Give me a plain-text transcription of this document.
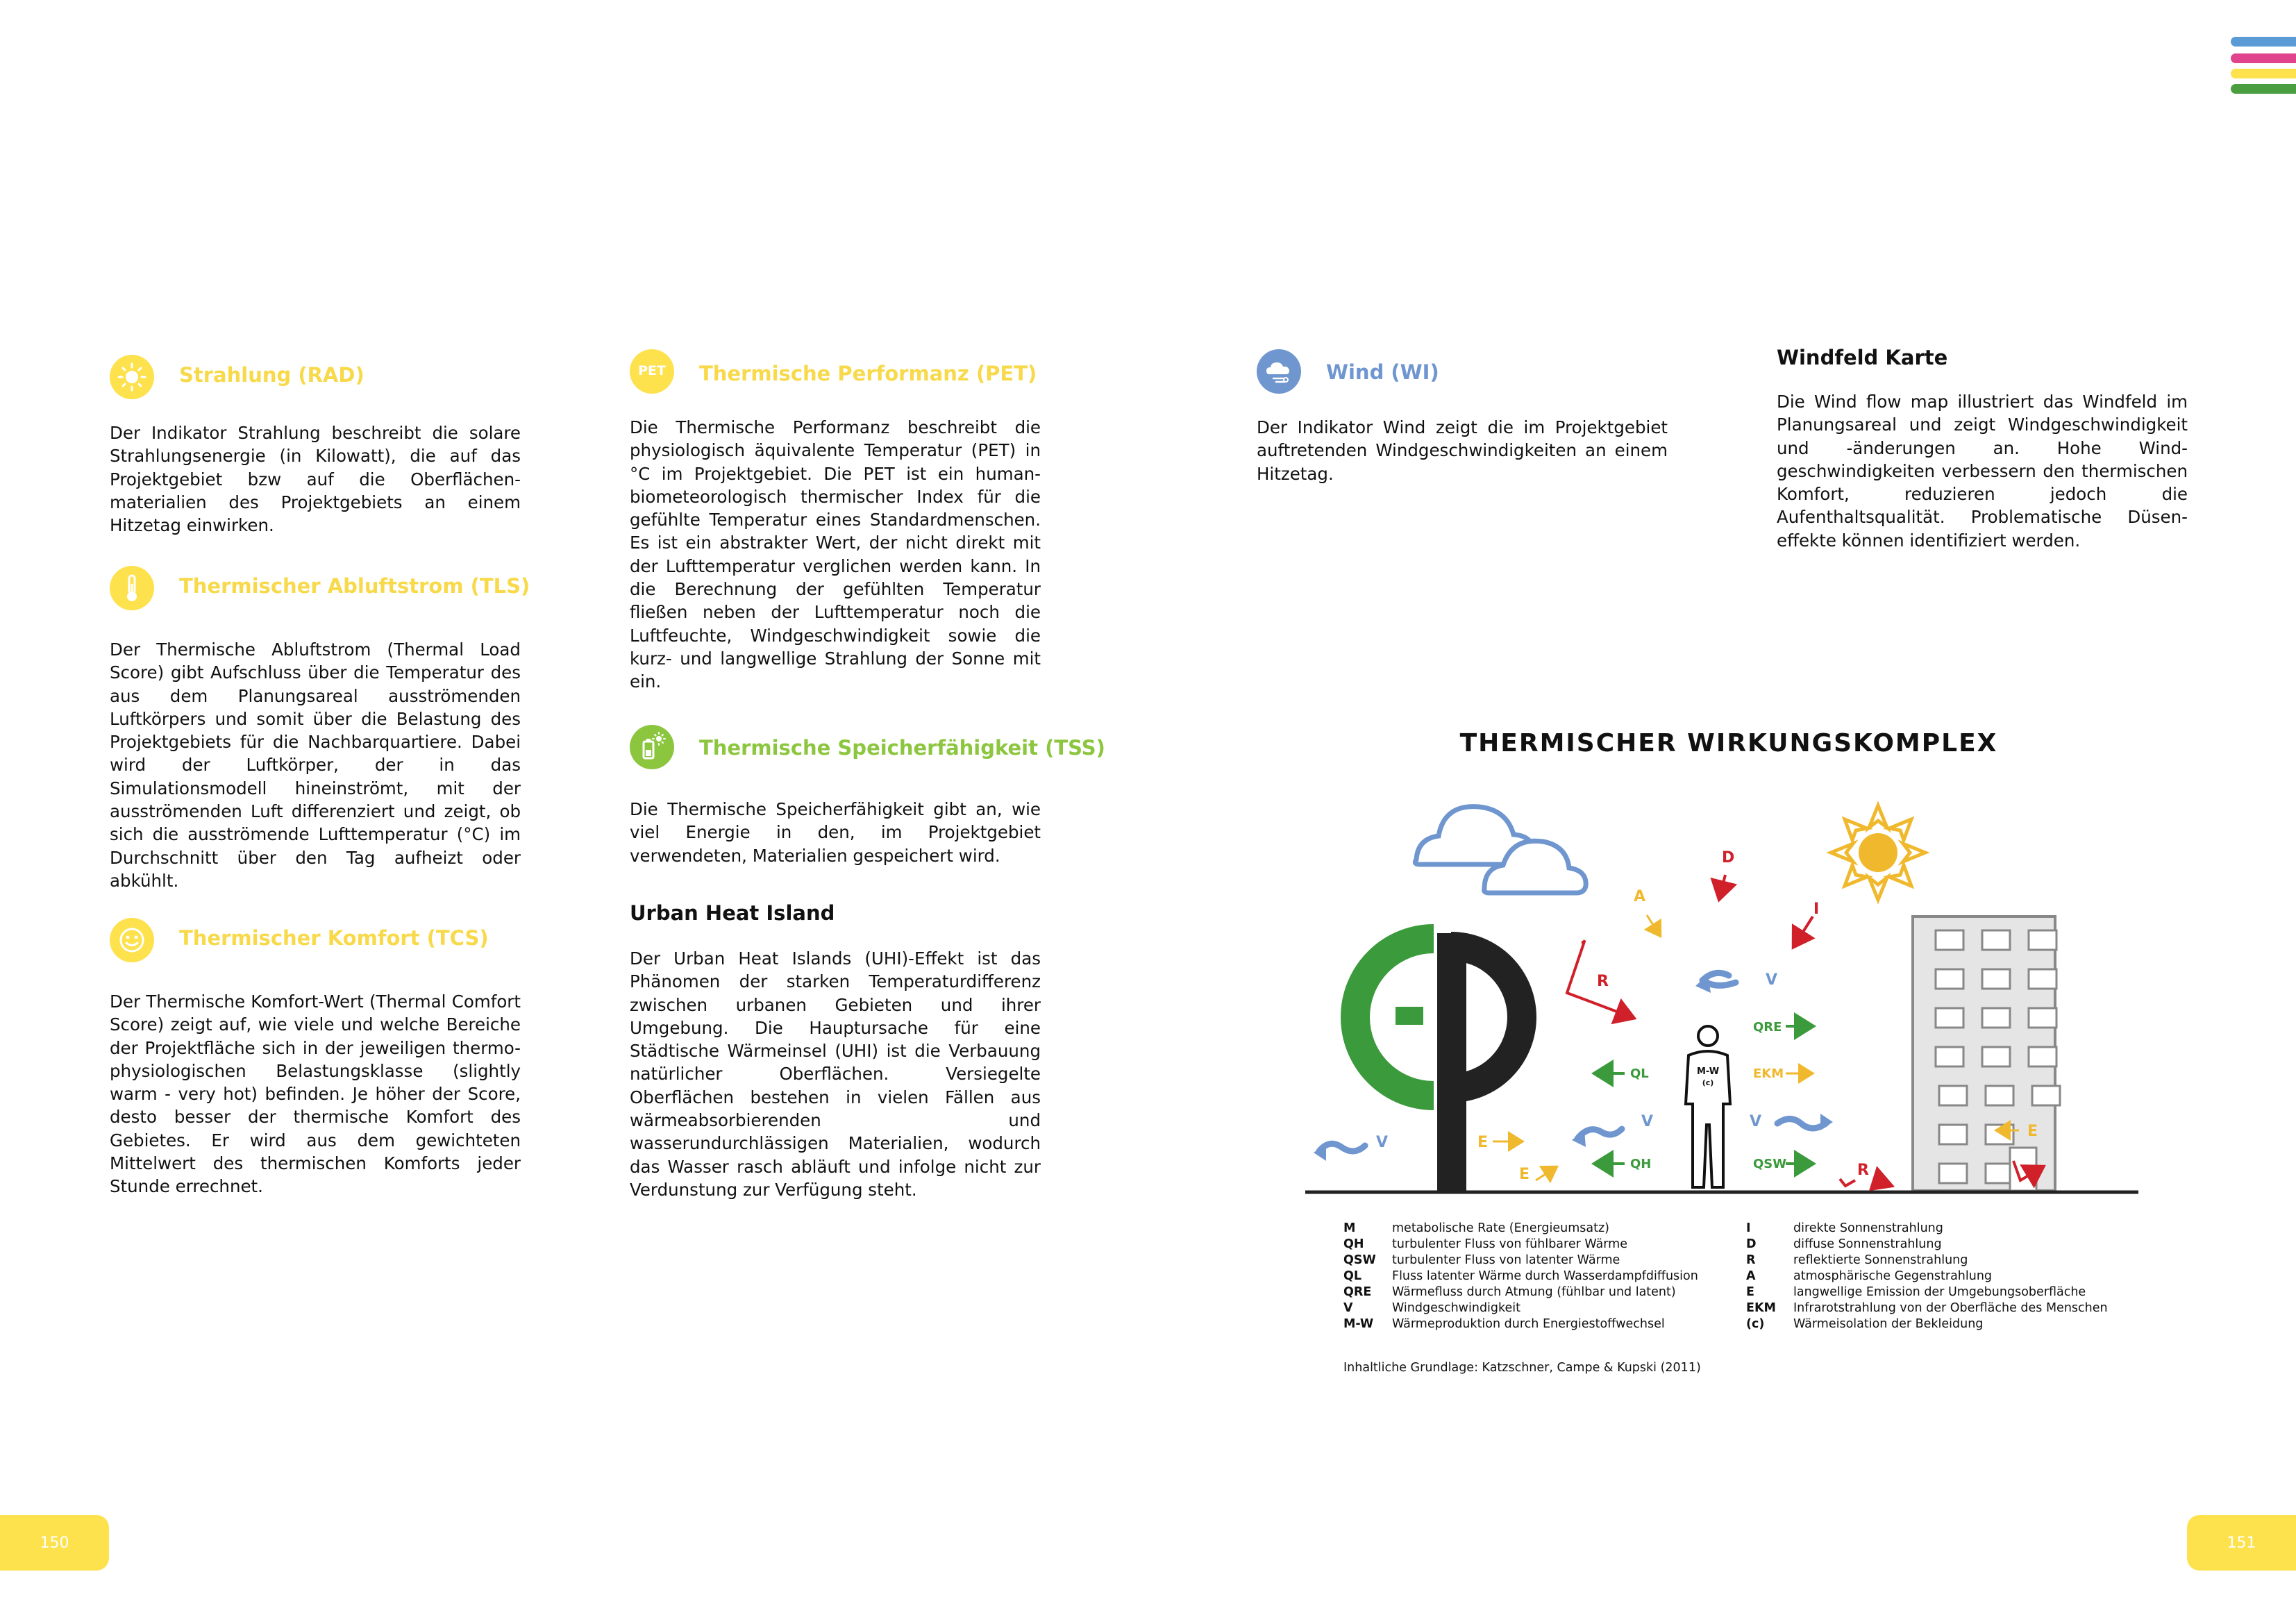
Strahlung (RAD)

Der Indikator Strahlung beschreibt die solare Strahlungsenergie (in Kilowatt), die auf das Projektgebiet bzw auf die Oberflächen-materialien des Projektgebiets an einem Hitzetag einwirken.

Thermischer Abluftstrom (TLS)

Der Thermische Abluftstrom (Thermal Load Score) gibt Aufschluss über die Temperatur des aus dem Planungsareal ausströmenden Luftkörpers und somit über die Belastung des Projektgebiets für die Nachbarquartiere. Dabei wird der Luftkörper, der in das Simulationsmodell hineinströmt, mit der ausströmenden Luft differenziert und zeigt, ob sich die ausströmende Lufttemperatur (°C) im Durchschnitt über den Tag aufheizt oder abkühlt.

Thermischer Komfort (TCS)

Der Thermische Komfort-Wert (Thermal Comfort Score) zeigt auf, wie viele und welche Bereiche der Projektfläche sich in der jeweiligen thermo-physiologischen Belastungsklasse (slightly warm - very hot) befinden. Je höher der Score, desto besser der thermische Komfort des Gebietes. Er wird aus dem gewichteten Mittelwert des thermischen Komforts jeder Stunde errechnet.

PET	Thermische Performanz (PET)

Die Thermische Performanz beschreibt die physiologisch äquivalente Temperatur (PET) in °C im Projektgebiet. Die PET ist ein human-biometeorologisch thermischer Index für die gefühlte Temperatur eines Standardmenschen. Es ist ein abstrakter Wert, der nicht direkt mit der Lufttemperatur verglichen werden kann. In die Berechnung der gefühlten Temperatur fließen neben der Lufttemperatur noch die Luftfeuchte, Windgeschwindigkeit sowie die kurz- und langwellige Strahlung der Sonne mit ein.

Thermische Speicherfähigkeit (TSS)

Die Thermische Speicherfähigkeit gibt an, wie viel Energie in den, im Projektgebiet verwendeten, Materialien gespeichert wird.

Urban Heat Island

Der Urban Heat Islands (UHI)-Effekt ist das Phänomen der starken Temperaturdifferenz zwischen urbanen Gebieten und ihrer Umgebung. Die Hauptursache für eine Städtische Wärmeinsel (UHI) ist die Verbauung natürlicher Oberflächen. Versiegelte Oberflächen bestehen in vielen Fällen aus wärmeabsorbierenden und wasserundurchlässigen Materialien, wodurch das Wasser rasch abläuft und infolge nicht zur Verdunstung zur Verfügung steht.

Wind (WI)

Der Indikator Wind zeigt die im Projektgebiet auftretenden Windgeschwindigkeiten an einem Hitzetag.

Windfeld Karte

Die Wind flow map illustriert das Windfeld im Planungsareal und zeigt Windgeschwindigkeit und -änderungen an. Hohe Wind-geschwindigkeiten verbessern den thermischen Komfort, reduzieren jedoch die Aufenthaltsqualität. Problematische Düsen-effekte können identifiziert werden.

THERMISCHER WIRKUNGSKOMPLEX
M-W
(c)
D
I
R
R
A
E
E
E
EKM
QRE
QL
QH	QSW
V
V
V	V
M	metabolische Rate (Energieumsatz)
QH turbulenter Fluss von fühlbarer Wärme
QSW turbulenter Fluss von latenter Wärme
QL	Fluss latenter Wärme durch Wasserdampfdiffusion
QRE Wärmefluss durch Atmung (fühlbar und latent)
V	Windgeschwindigkeit
M-W Wärmeproduktion durch Energiestoffwechsel
I	direkte Sonnenstrahlung
D	diffuse Sonnenstrahlung
R	reflektierte Sonnenstrahlung
A	atmosphärische Gegenstrahlung
E	langwellige Emission der Umgebungsoberfläche
EKM Infrarotstrahlung von der Oberfläche des Menschen
(c) Wärmeisolation der Bekleidung
Inhaltliche Grundlage: Katzschner, Campe & Kupski (2011)
150	151
